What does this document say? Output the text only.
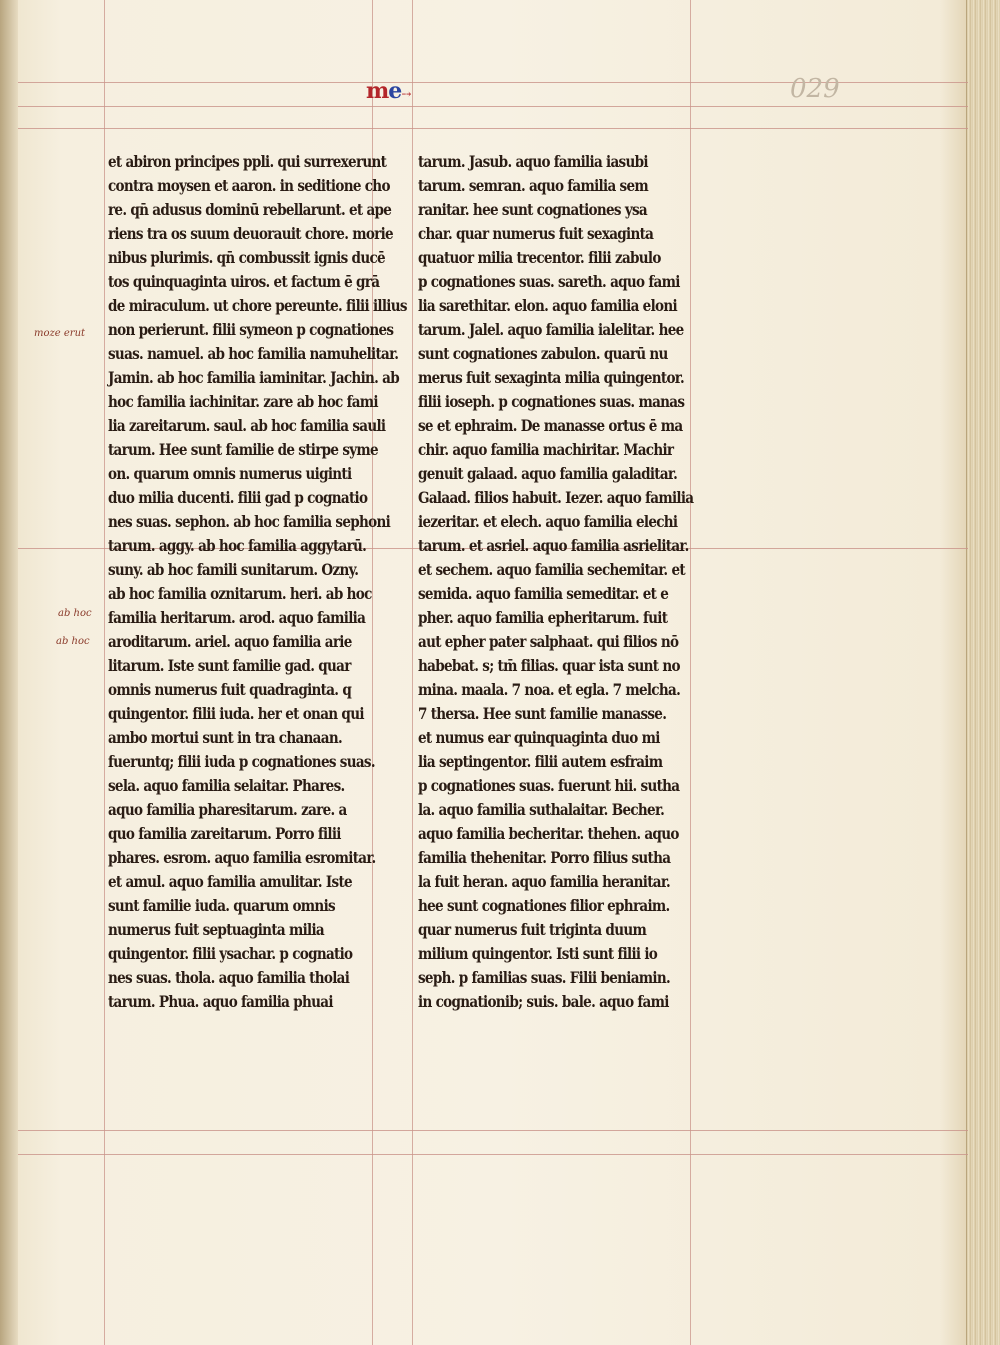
me⤍	029
moze erut
ab hoc
ab hoc
et abiron principes ppli. qui surrexerunt
contra moysen et aaron. in seditione cho
re. qn̄ adusus dominū rebellarunt. et ape
riens tra os suum deuorauit chore. morie
nibus plurimis. qn̄ combussit ignis ducē
tos quinquaginta uiros. et factum ē grā
de miraculum. ut chore pereunte. filii illius
non perierunt. filii symeon p cognationes
suas. namuel. ab hoc familia namuhelitar.
Jamin. ab hoc familia iaminitar. Jachin. ab
hoc familia iachinitar. zare ab hoc fami
lia zareitarum. saul. ab hoc familia sauli
tarum. Hee sunt familie de stirpe syme
on. quarum omnis numerus uiginti
duo milia ducenti. filii gad p cognatio
nes suas. sephon. ab hoc familia sephoni
tarum. aggy. ab hoc familia aggytarū.
suny. ab hoc famili sunitarum. Ozny.
ab hoc familia oznitarum. heri. ab hoc
familia heritarum. arod. aquo familia
aroditarum. ariel. aquo familia arie
litarum. Iste sunt familie gad. quar
omnis numerus fuit quadraginta. q
quingentor. filii iuda. her et onan qui
ambo mortui sunt in tra chanaan.
fueruntq; filii iuda p cognationes suas.
sela. aquo familia selaitar. Phares.
aquo familia pharesitarum. zare. a
quo familia zareitarum. Porro filii
phares. esrom. aquo familia esromitar.
et amul. aquo familia amulitar. Iste
sunt familie iuda. quarum omnis
numerus fuit septuaginta milia
quingentor. filii ysachar. p cognatio
nes suas. thola. aquo familia tholai
tarum. Phua. aquo familia phuai
tarum. Jasub. aquo familia iasubi
tarum. semran. aquo familia sem
ranitar. hee sunt cognationes ysa
char. quar numerus fuit sexaginta
quatuor milia trecentor. filii zabulo
p cognationes suas. sareth. aquo fami
lia sarethitar. elon. aquo familia eloni
tarum. Jalel. aquo familia ialelitar. hee
sunt cognationes zabulon. quarū nu
merus fuit sexaginta milia quingentor.
filii ioseph. p cognationes suas. manas
se et ephraim. De manasse ortus ē ma
chir. aquo familia machiritar. Machir
genuit galaad. aquo familia galaditar.
Galaad. filios habuit. Iezer. aquo familia
iezeritar. et elech. aquo familia elechi
tarum. et asriel. aquo familia asrielitar.
et sechem. aquo familia sechemitar. et
semida. aquo familia semeditar. et e
pher. aquo familia epheritarum. fuit
aut epher pater salphaat. qui filios nō
habebat. s; tm̄ filias. quar ista sunt no
mina. maala. 7 noa. et egla. 7 melcha.
7 thersa. Hee sunt familie manasse.
et numus ear quinquaginta duo mi
lia septingentor. filii autem esfraim
p cognationes suas. fuerunt hii. sutha
la. aquo familia suthalaitar. Becher.
aquo familia becheritar. thehen. aquo
familia thehenitar. Porro filius sutha
la fuit heran. aquo familia heranitar.
hee sunt cognationes filior ephraim.
quar numerus fuit triginta duum
milium quingentor. Isti sunt filii io
seph. p familias suas. Filii beniamin.
in cognationib; suis. bale. aquo fami
